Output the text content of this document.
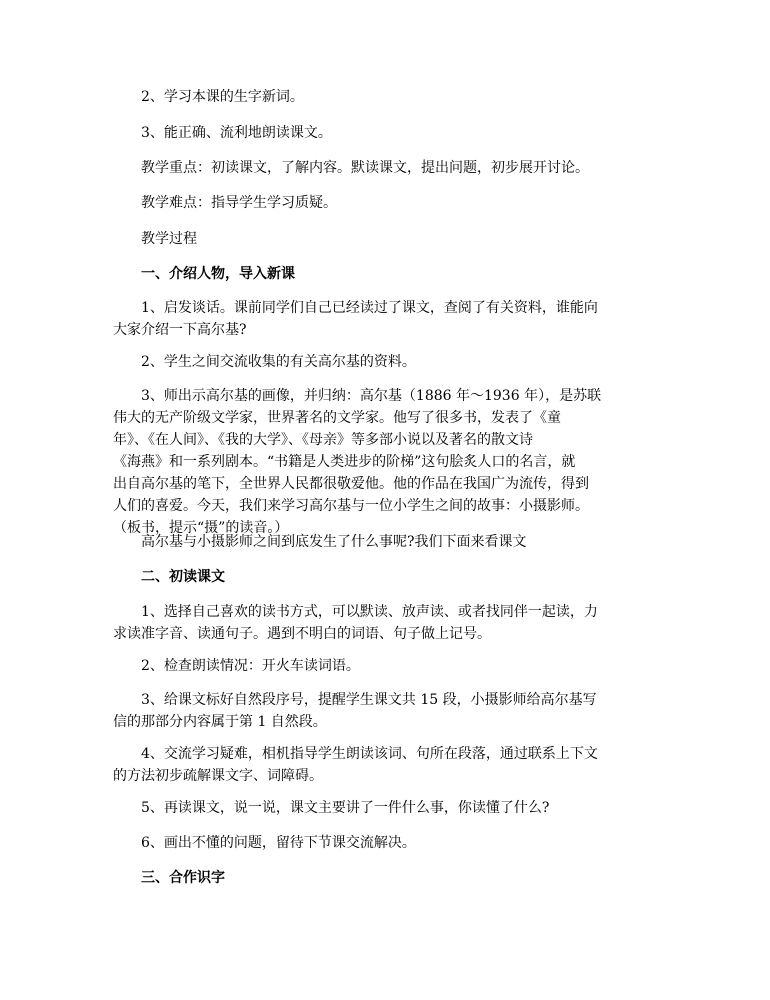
2、学习本课的生字新词。

3、能正确、流利地朗读课文。

教学重点：初读课文，了解内容。默读课文，提出问题，初步展开讨论。

教学难点：指导学生学习质疑。

教学过程

一、介绍人物，导入新课

1、启发谈话。课前同学们自己已经读过了课文，查阅了有关资料，谁能向
大家介绍一下高尔基?

2、学生之间交流收集的有关高尔基的资料。

3、师出示高尔基的画像，并归纳：高尔基（1886 年～1936 年），是苏联
伟大的无产阶级文学家，世界著名的文学家。他写了很多书，发表了《童
年》、《在人间》、《我的大学》、《母亲》等多部小说以及著名的散文诗
《海燕》和一系列剧本。“书籍是人类进步的阶梯”这句脍炙人口的名言，就
出自高尔基的笔下，全世界人民都很敬爱他。他的作品在我国广为流传，得到
人们的喜爱。今天，我们来学习高尔基与一位小学生之间的故事：小摄影师。
（板书，提示“摄”的读音。）

高尔基与小摄影师之间到底发生了什么事呢?我们下面来看课文

二、初读课文

1、选择自己喜欢的读书方式，可以默读、放声读、或者找同伴一起读，力
求读准字音、读通句子。遇到不明白的词语、句子做上记号。

2、检查朗读情况：开火车读词语。

3、给课文标好自然段序号，提醒学生课文共 15 段，小摄影师给高尔基写
信的那部分内容属于第 1 自然段。

4、交流学习疑难，相机指导学生朗读该词、句所在段落，通过联系上下文
的方法初步疏解课文字、词障碍。

5、再读课文，说一说，课文主要讲了一件什么事，你读懂了什么?

6、画出不懂的问题，留待下节课交流解决。

三、合作识字
